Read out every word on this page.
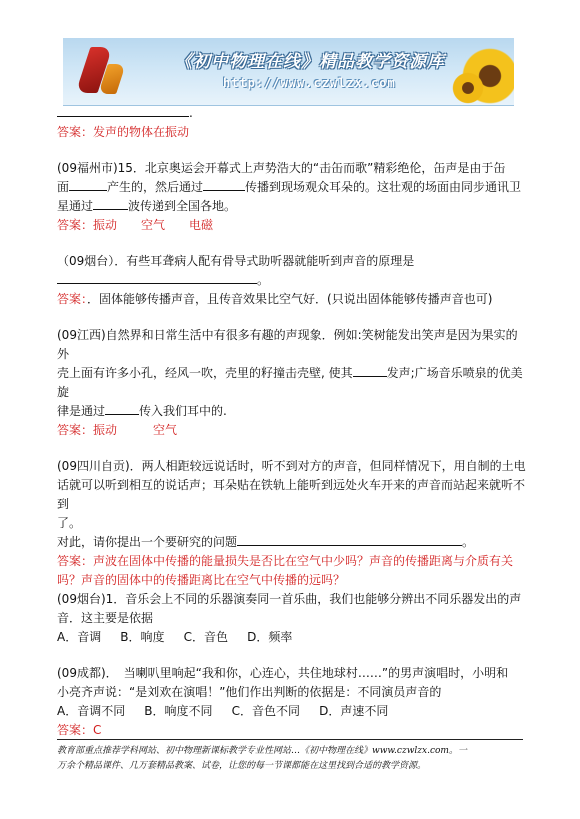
《初中物理在线》精品教学资源库
http://www.czwlzx.com

.

答案：发声的物体在振动

(09福州市)15．北京奥运会开幕式上声势浩大的“击缶而歌”精彩绝伦，缶声是由于缶

面	产生的，然后通过	传播到现场观众耳朵的。这壮观的场面由同步通讯卫

星通过	波传递到全国各地。

答案：振动　　空气　　电磁

（09烟台）．有些耳聋病人配有骨导式助听器就能听到声音的原理是

。

答案：．固体能够传播声音，且传音效果比空气好．(只说出固体能够传播声音也可)

(09江西)自然界和日常生活中有很多有趣的声现象．例如:笑树能发出笑声是因为果实的外

壳上面有许多小孔，经风一吹，壳里的籽撞击壳壁, 使其	发声;广场音乐喷泉的优美旋

律是通过	传入我们耳中的.

答案：振动　　　空气

(09四川自贡)．两人相距较远说话时，听不到对方的声音，但同样情况下，用自制的土电

话就可以听到相互的说话声；耳朵贴在铁轨上能听到远处火车开来的声音而站起来就听不到

了。

对此，请你提出一个要研究的问题	。

答案：声波在固体中传播的能量损失是否比在空气中少吗？声音的传播距离与介质有关吗？声音的固体中的传播距离比在空气中传播的远吗？

(09烟台)1．音乐会上不同的乐器演奏同一首乐曲，我们也能够分辨出不同乐器发出的声

音．这主要是依据

A．音调 B．响度 C．音色 D．频率

(09成都)．　当喇叭里响起“我和你，心连心，共住地球村……”的男声演唱时，小明和

小亮齐声说：“是刘欢在演唱！”他们作出判断的依据是：不同演员声音的

A．音调不同 B．响度不同 C．音色不同 D．声速不同

答案：C

教育部重点推荐学科网站、初中物理新课标教学专业性网站…《初中物理在线》www.czwlzx.com。一
万余个精品课件、几万套精品教案、试卷，让您的每一节课都能在这里找到合适的教学资源。
